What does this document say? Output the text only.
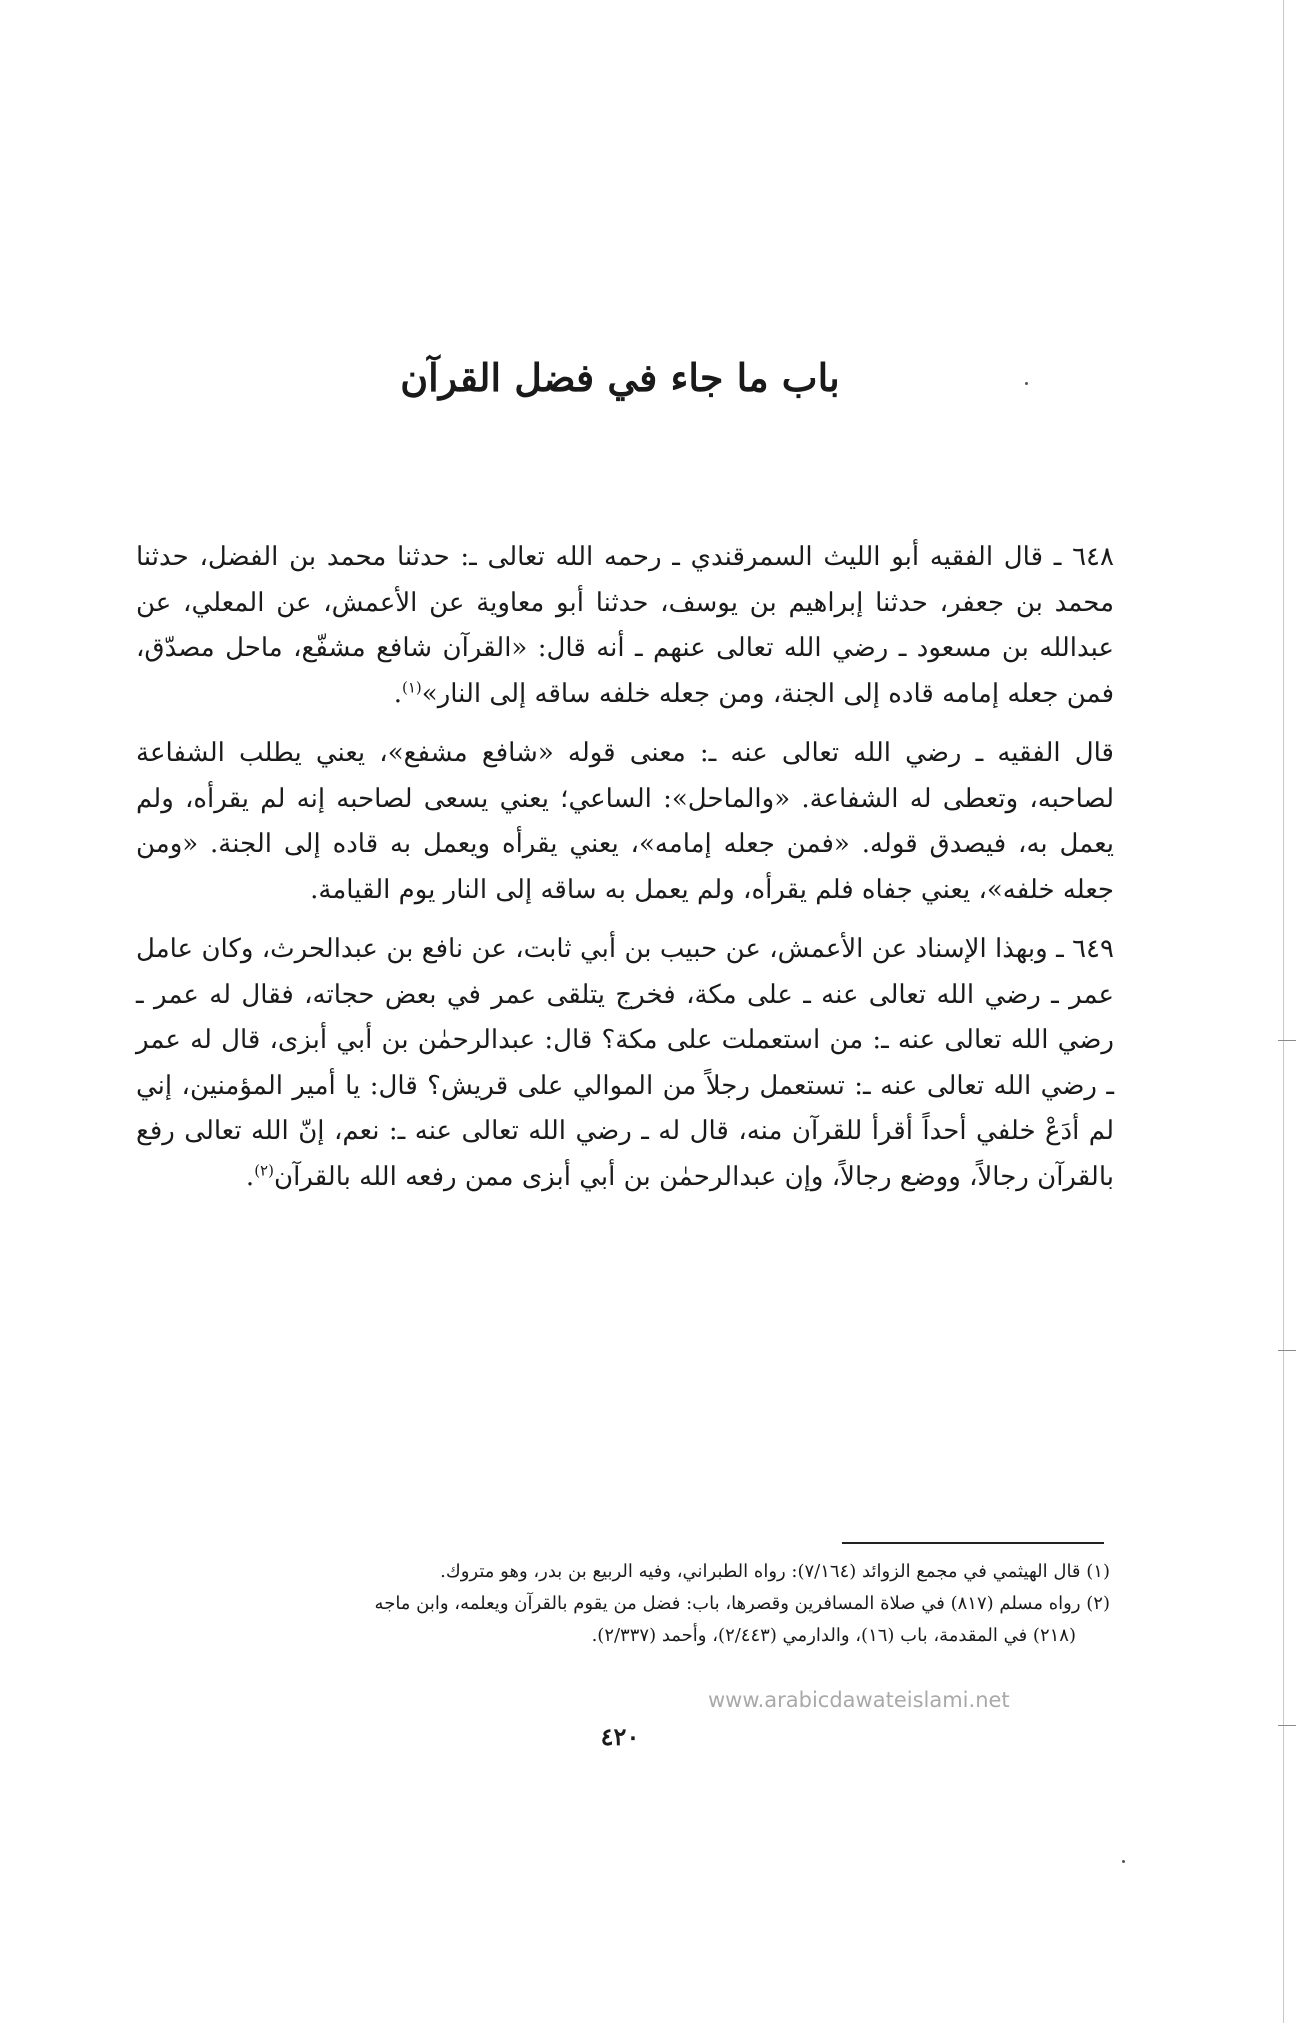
باب ما جاء في فضل القرآن

٦٤٨ ـ قال الفقيه أبو الليث السمرقندي ـ رحمه الله تعالى ـ: حدثنا محمد بن الفضل، حدثنا محمد بن جعفر، حدثنا إبراهيم بن يوسف، حدثنا أبو معاوية عن الأعمش، عن المعلي، عن عبدالله بن مسعود ـ رضي الله تعالى عنهم ـ أنه قال: «القرآن شافع مشفّع، ماحل مصدّق، فمن جعله إمامه قاده إلى الجنة، ومن جعله خلفه ساقه إلى النار»$^{(١)}$.

قال الفقيه ـ رضي الله تعالى عنه ـ: معنى قوله «شافع مشفع»، يعني يطلب الشفاعة لصاحبه، وتعطى له الشفاعة. «والماحل»: الساعي؛ يعني يسعى لصاحبه إنه لم يقرأه، ولم يعمل به، فيصدق قوله. «فمن جعله إمامه»، يعني يقرأه ويعمل به قاده إلى الجنة. «ومن جعله خلفه»، يعني جفاه فلم يقرأه، ولم يعمل به ساقه إلى النار يوم القيامة.

٦٤٩ ـ وبهذا الإسناد عن الأعمش، عن حبيب بن أبي ثابت، عن نافع بن عبدالحرث، وكان عامل عمر ـ رضي الله تعالى عنه ـ على مكة، فخرج يتلقى عمر في بعض حجاته، فقال له عمر ـ رضي الله تعالى عنه ـ: من استعملت على مكة؟ قال: عبدالرحمٰن بن أبي أبزى، قال له عمر ـ رضي الله تعالى عنه ـ: تستعمل رجلاً من الموالي على قريش؟ قال: يا أمير المؤمنين، إني لم أدَعْ خلفي أحداً أقرأ للقرآن منه، قال له ـ رضي الله تعالى عنه ـ: نعم، إنّ الله تعالى رفع بالقرآن رجالاً، ووضع رجالاً، وإن عبدالرحمٰن بن أبي أبزى ممن رفعه الله بالقرآن$^{(٢)}$.

(١) قال الهيثمي في مجمع الزوائد (٧/١٦٤): رواه الطبراني، وفيه الربيع بن بدر، وهو متروك.

(٢) رواه مسلم (٨١٧) في صلاة المسافرين وقصرها، باب: فضل من يقوم بالقرآن ويعلمه، وابن ماجه

(٢١٨) في المقدمة، باب (١٦)، والدارمي (٢/٤٤٣)، وأحمد (٢/٣٣٧).

www.arabicdawateislami.net
٤٢٠
